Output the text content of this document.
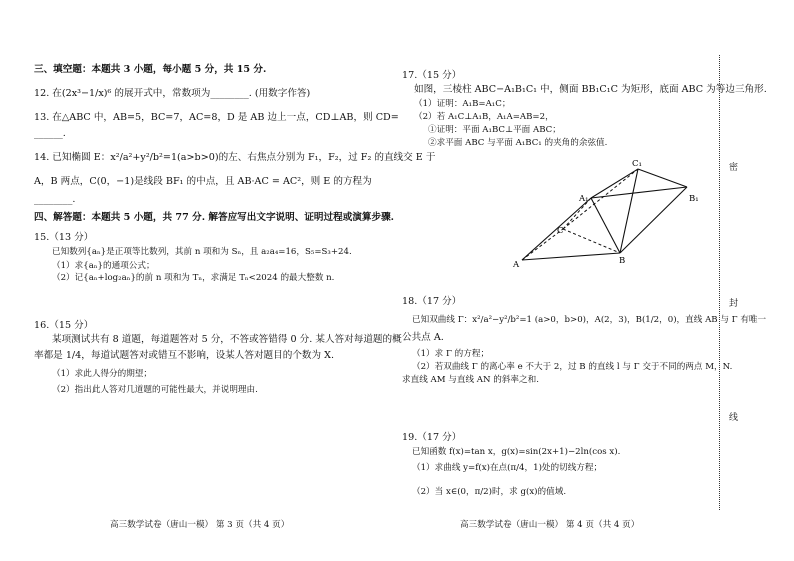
三、填空题：本题共 3 小题，每小题 5 分，共 15 分.
12. 在(2x³−1/x)⁶ 的展开式中，常数项为________. (用数字作答)
13. 在△ABC 中，AB=5，BC=7，AC=8，D 是 AB 边上一点，CD⊥AB，则 CD=
______.
14. 已知椭圆 E：x²/a²+y²/b²=1(a>b>0)的左、右焦点分别为 F₁，F₂，过 F₂ 的直线交 E 于
A，B 两点，C(0，−1)是线段 BF₁ 的中点，且 AB·AC = AC²，则 E 的方程为
________.
四、解答题：本题共 5 小题，共 77 分. 解答应写出文字说明、证明过程或演算步骤.
15.（13 分）
已知数列{aₙ}是正项等比数列，其前 n 项和为 Sₙ，且 a₂a₄=16，S₅=S₃+24.
（1）求{aₙ}的通项公式；
（2）记{aₙ+log₂aₙ}的前 n 项和为 Tₙ，求满足 Tₙ<2024 的最大整数 n.
16.（15 分）
某项测试共有 8 道题，每道题答对 5 分，不答或答错得 0 分. 某人答对每道题的概
率都是 1/4，每道试题答对或错互不影响，设某人答对题目的个数为 X.
（1）求此人得分的期望；
（2）指出此人答对几道题的可能性最大，并说明理由.
高三数学试卷（唐山一模） 第 3 页（共 4 页）
17.（15 分）
如图，三棱柱 ABC−A₁B₁C₁ 中，侧面 BB₁C₁C 为矩形，底面 ABC 为等边三角形.
（1）证明：A₁B=A₁C；
（2）若 A₁C⊥A₁B，A₁A=AB=2，
①证明：平面 A₁BC⊥平面 ABC；
②求平面 ABC 与平面 A₁BC₁ 的夹角的余弦值.
C₁
A₁	B₁
C
A	B
18.（17 分）
已知双曲线 Γ：x²/a²−y²/b²=1 (a>0，b>0)，A(2，3)，B(1/2，0)，直线 AB 与 Γ 有唯一
公共点 A.
（1）求 Γ 的方程；
（2）若双曲线 Γ 的离心率 e 不大于 2，过 B 的直线 l 与 Γ 交于不同的两点 M，N.
求直线 AM 与直线 AN 的斜率之和.
19.（17 分）
已知函数 f(x)=tan x，g(x)=sin(2x+1)−2ln(cos x).
（1）求曲线 y=f(x)在点(π/4，1)处的切线方程；
（2）当 x∈(0，π/2)时，求 g(x)的值域.
高三数学试卷（唐山一模） 第 4 页（共 4 页）
密
封
线
